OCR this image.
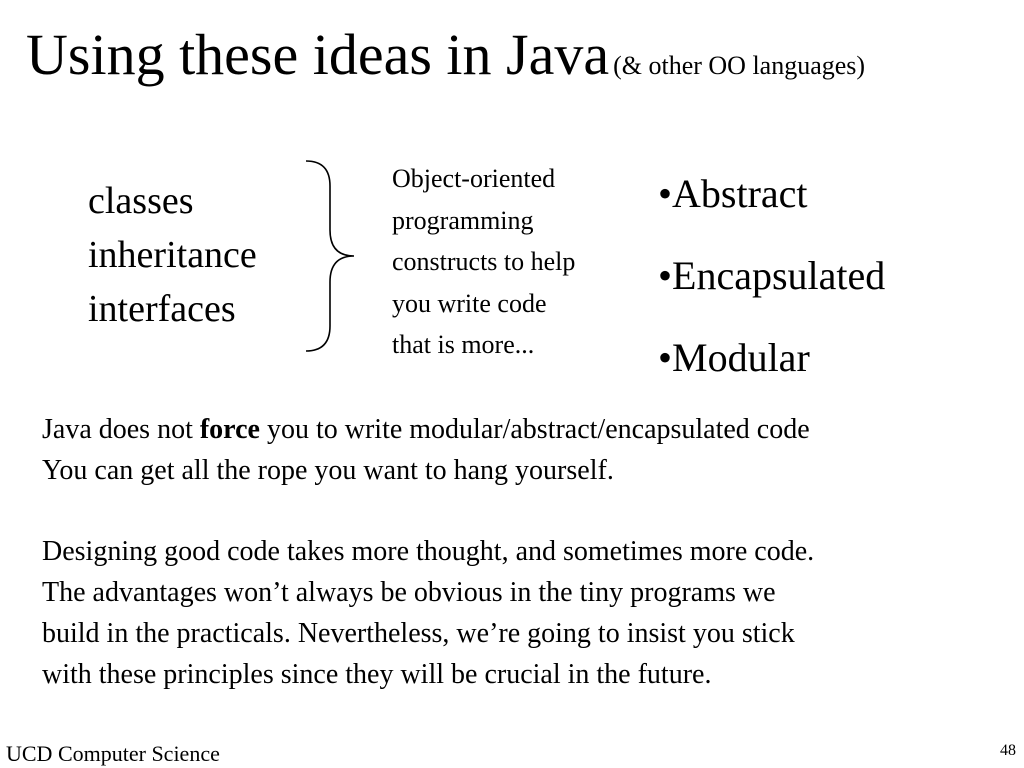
Using these ideas in Java (& other OO languages)
classes
inheritance
interfaces
Object-oriented
programming
constructs to help
you write code
that is more...
•Abstract
•Encapsulated
•Modular
Java does not force you to write modular/abstract/encapsulated code
You can get all the rope you want to hang yourself.
Designing good code takes more thought, and sometimes more code.
The advantages won’t always be obvious in the tiny programs we
build in the practicals. Nevertheless, we’re going to insist you stick
with these principles since they will be crucial in the future.
UCD Computer Science	48
